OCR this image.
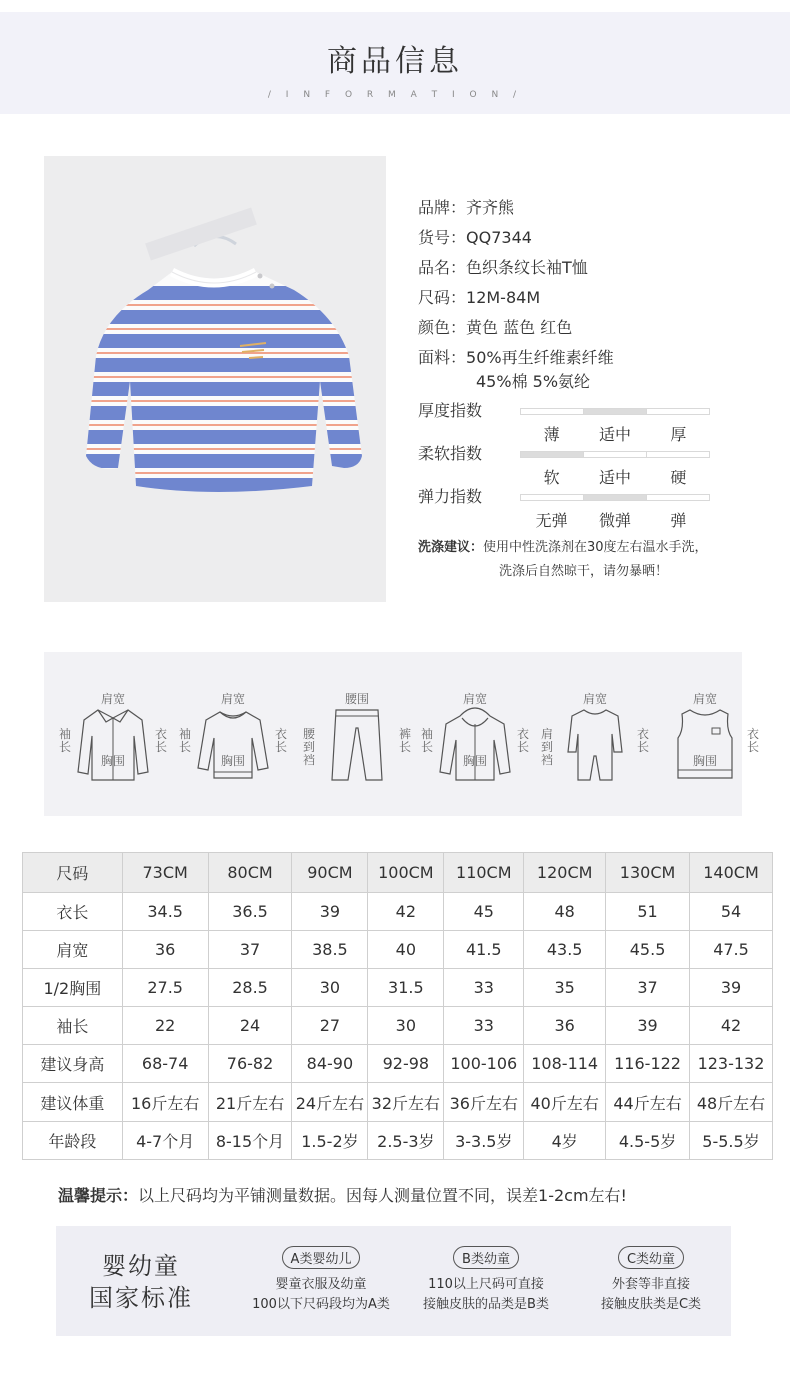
商品信息
/ I N F O R M A T I O N /
品牌：齐齐熊
货号：QQ7344
品名：色织条纹长袖T恤
尺码：12M-84M
颜色：黄色 蓝色 红色
面料：50%再生纤维素纤维
45%棉 5%氨纶
厚度指数
薄	适中	厚
柔软指数
软	适中	硬
弹力指数
无弹	微弹	弹
洗涤建议：使用中性洗涤剂在30度左右温水手洗，
洗涤后自然晾干，请勿暴晒！
肩宽
袖
长
衣
长
胸围
肩宽
袖
长
衣
长
胸围
腰围
腰
到
裆
裤
长
肩宽
袖
长
衣
长
胸围
肩宽
肩
到
裆
衣
长
肩宽
衣
长
胸围
尺码	73CM	80CM	90CM	100CM	110CM	120CM	130CM	140CM
衣长	34.5	36.5	39	42	45	48	51	54
肩宽	36	37	38.5	40	41.5	43.5	45.5	47.5
1/2胸围	27.5	28.5	30	31.5	33	35	37	39
袖长	22	24	27	30	33	36	39	42
建议身高	68-74	76-82	84-90	92-98	100-106	108-114	116-122	123-132
建议体重	16斤左右	21斤左右	24斤左右	32斤左右	36斤左右	40斤左右	44斤左右	48斤左右
年龄段	4-7个月	8-15个月	1.5-2岁	2.5-3岁	3-3.5岁	4岁	4.5-5岁	5-5.5岁
温馨提示：以上尺码均为平铺测量数据。因每人测量位置不同，误差1-2cm左右!
婴幼童
国家标准
A类婴幼儿
婴童衣服及幼童
100以下尺码段均为A类
B类幼童
110以上尺码可直接
接触皮肤的品类是B类
C类幼童
外套等非直接
接触皮肤类是C类
